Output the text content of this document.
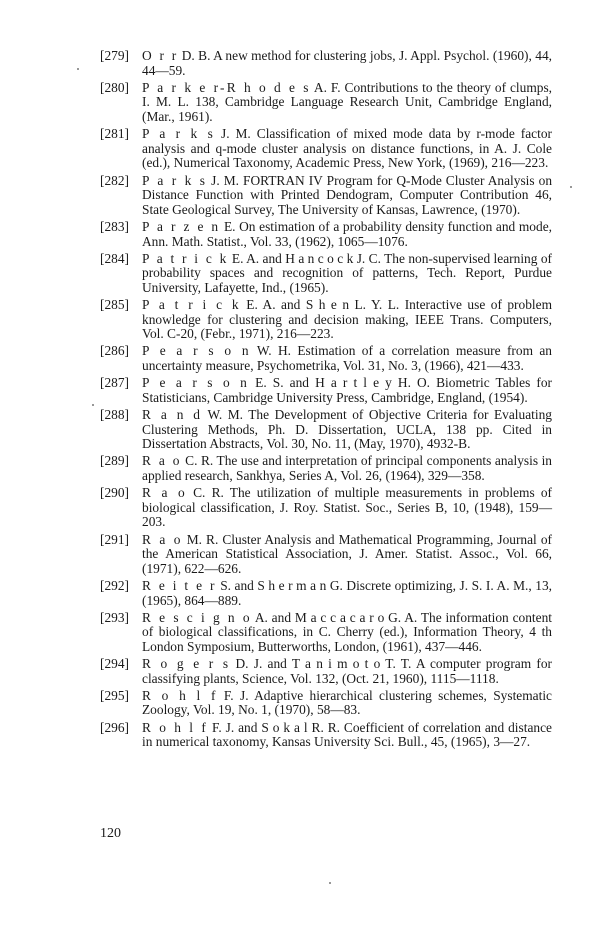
[279] O r r D. B. A new method for clustering jobs, J. Appl. Psychol. (1960), 44, 44—59.
[280] P a r k e r-R h o d e s A. F. Contributions to the theory of clumps, I. M. L. 138, Cambridge Language Research Unit, Cambridge England, (Mar., 1961).
[281] P a r k s J. M. Classification of mixed mode data by r-mode factor analysis and q-mode cluster analysis on distance functions, in A. J. Cole (ed.), Numerical Taxonomy, Academic Press, New York, (1969), 216—223.
[282] P a r k s J. M. FORTRAN IV Program for Q-Mode Cluster Analysis on Distance Function with Printed Dendogram, Computer Contribution 46, State Geological Survey, The University of Kansas, Lawrence, (1970).
[283] P a r z e n E. On estimation of a probability density function and mode, Ann. Math. Statist., Vol. 33, (1962), 1065—1076.
[284] P a t r i c k E. A. and H a n c o c k J. C. The non-supervised learning of probability spaces and recognition of patterns, Tech. Report, Purdue University, Lafayette, Ind., (1965).
[285] P a t r i c k E. A. and S h e n L. Y. L. Interactive use of problem knowledge for clustering and decision making, IEEE Trans. Computers, Vol. C-20, (Febr., 1971), 216—223.
[286] P e a r s o n W. H. Estimation of a correlation measure from an uncertainty measure, Psychometrika, Vol. 31, No. 3, (1966), 421—433.
[287] P e a r s o n E. S. and H a r t l e y H. O. Biometric Tables for Statisticians, Cambridge University Press, Cambridge, England, (1954).
[288] R a n d W. M. The Development of Objective Criteria for Evaluating Clustering Methods, Ph. D. Dissertation, UCLA, 138 pp. Cited in Dissertation Abstracts, Vol. 30, No. 11, (May, 1970), 4932-B.
[289] R a o C. R. The use and interpretation of principal components analysis in applied research, Sankhya, Series A, Vol. 26, (1964), 329—358.
[290] R a o C. R. The utilization of multiple measurements in problems of biological classification, J. Roy. Statist. Soc., Series B, 10, (1948), 159—203.
[291] R a o M. R. Cluster Analysis and Mathematical Programming, Journal of the American Statistical Association, J. Amer. Statist. Assoc., Vol. 66, (1971), 622—626.
[292] R e i t e r S. and S h e r m a n G. Discrete optimizing, J. S. I. A. M., 13, (1965), 864—889.
[293] R e s c i g n o A. and M a c c a c a r o G. A. The information content of biological classifications, in C. Cherry (ed.), Information Theory, 4 th London Symposium, Butterworths, London, (1961), 437—446.
[294] R o g e r s D. J. and T a n i m o t o T. T. A computer program for classifying plants, Science, Vol. 132, (Oct. 21, 1960), 1115—1118.
[295] R o h l f F. J. Adaptive hierarchical clustering schemes, Systematic Zoology, Vol. 19, No. 1, (1970), 58—83.
[296] R o h l f F. J. and S o k a l R. R. Coefficient of correlation and distance in numerical taxonomy, Kansas University Sci. Bull., 45, (1965), 3—27.
120
